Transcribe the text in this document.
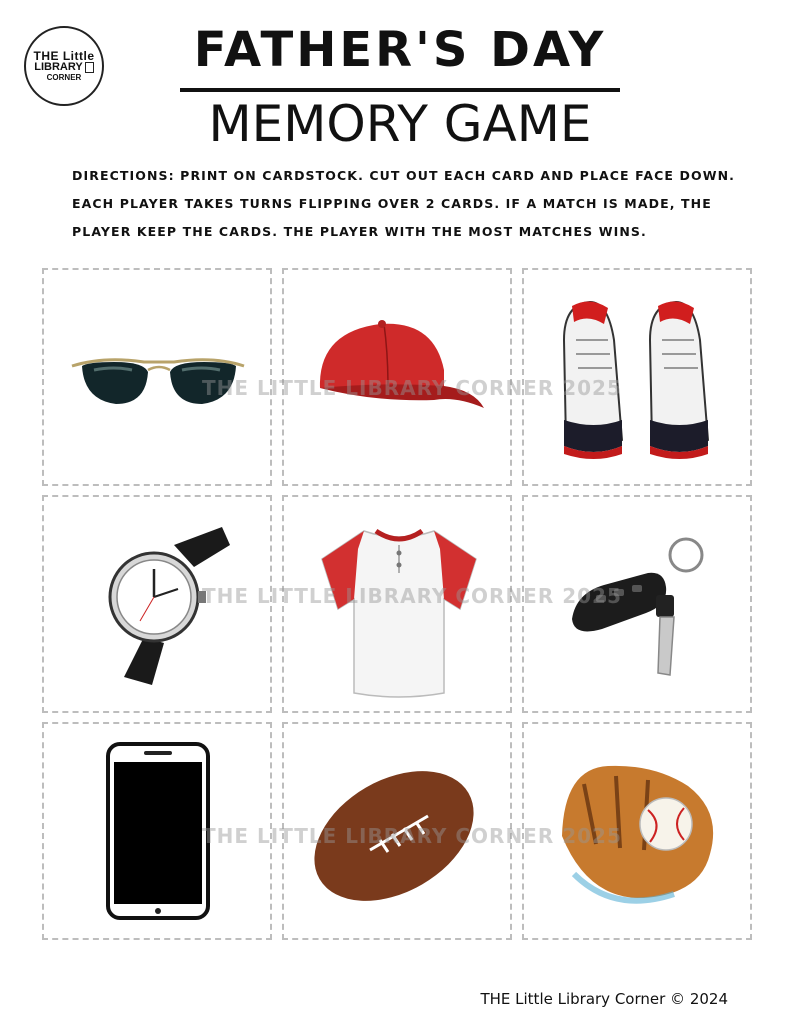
THE Little
LIBRARY
CORNER	FATHER'S DAY
MEMORY GAME
DIRECTIONS: PRINT ON CARDSTOCK. CUT OUT EACH CARD AND PLACE FACE DOWN.
EACH PLAYER TAKES TURNS FLIPPING OVER 2 CARDS. IF A MATCH IS MADE, THE
PLAYER KEEP THE CARDS. THE PLAYER WITH THE MOST MATCHES WINS.
THE LITTLE LIBRARY CORNER 2025
THE LITTLE LIBRARY CORNER 2025
THE LITTLE LIBRARY CORNER 2025
THE Little Library Corner © 2024
